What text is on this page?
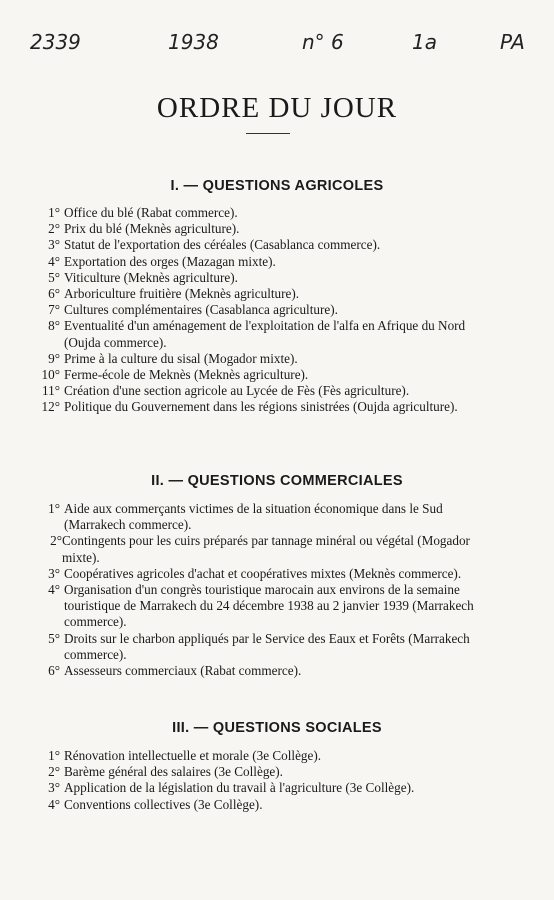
2339	1938	n° 6	1a	PA
ORDRE DU JOUR
I. — QUESTIONS AGRICOLES
1° Office du blé (Rabat commerce).
2° Prix du blé (Meknès agriculture).
3° Statut de l'exportation des céréales (Casablanca commerce).
4° Exportation des orges (Mazagan mixte).
5° Viticulture (Meknès agriculture).
6° Arboriculture fruitière (Meknès agriculture).
7° Cultures complémentaires (Casablanca agriculture).
8° Eventualité d'un aménagement de l'exploitation de l'alfa en Afrique du Nord (Oujda commerce).
9° Prime à la culture du sisal (Mogador mixte).
10° Ferme-école de Meknès (Meknès agriculture).
11° Création d'une section agricole au Lycée de Fès (Fès agriculture).
12° Politique du Gouvernement dans les régions sinistrées (Oujda agriculture).
II. — QUESTIONS COMMERCIALES
1° Aide aux commerçants victimes de la situation économique dans le Sud (Marrakech commerce).
2° Contingents pour les cuirs préparés par tannage minéral ou végétal (Mogador mixte).
3° Coopératives agricoles d'achat et coopératives mixtes (Meknès commerce).
4° Organisation d'un congrès touristique marocain aux environs de la semaine touristique de Marrakech du 24 décembre 1938 au 2 janvier 1939 (Marrakech commerce).
5° Droits sur le charbon appliqués par le Service des Eaux et Forêts (Marrakech commerce).
6° Assesseurs commerciaux (Rabat commerce).
III. — QUESTIONS SOCIALES
1° Rénovation intellectuelle et morale (3e Collège).
2° Barème général des salaires (3e Collège).
3° Application de la législation du travail à l'agriculture (3e Collège).
4° Conventions collectives (3e Collège).
